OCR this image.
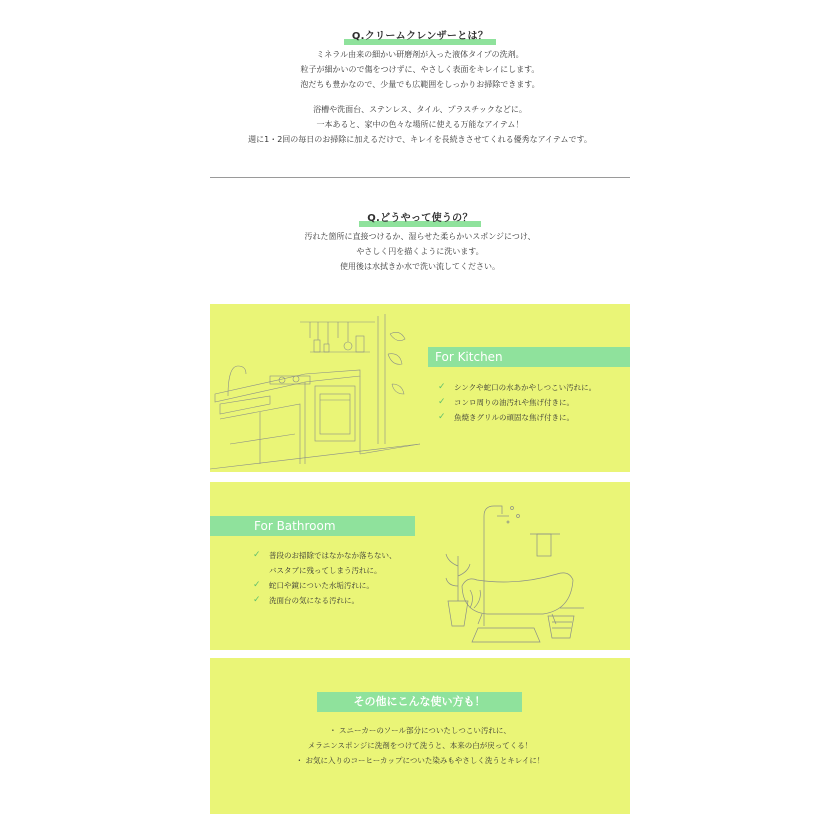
Q.クリームクレンザーとは？
ミネラル由来の細かい研磨剤が入った液体タイプの洗剤。
粒子が細かいので傷をつけずに、やさしく表面をキレイにします。
泡だちも豊かなので、少量でも広範囲をしっかりお掃除できます。
浴槽や洗面台、ステンレス、タイル、プラスチックなどに。
一本あると、家中の色々な場所に使える万能なアイテム！
週に1・2回の毎日のお掃除に加えるだけで、キレイを長続きさせてくれる優秀なアイテムです。
Q.どうやって使うの？
汚れた箇所に直接つけるか、湿らせた柔らかいスポンジにつけ、
やさしく円を描くように洗います。
使用後は水拭きか水で洗い流してください。
For Kitchen
✓ シンクや蛇口の水あかやしつこい汚れに。
✓ コンロ周りの油汚れや焦げ付きに。
✓ 魚焼きグリルの頑固な焦げ付きに。
For Bathroom
✓ 普段のお掃除ではなかなか落ちない、
バスタブに残ってしまう汚れに。
✓ 蛇口や鏡についた水垢汚れに。
✓ 洗面台の気になる汚れに。
その他にこんな使い方も！
・ スニーカーのソール部分についたしつこい汚れに、
メラニンスポンジに洗剤をつけて洗うと、本来の白が戻ってくる！
・ お気に入りのコーヒーカップについた染みもやさしく洗うとキレイに！
